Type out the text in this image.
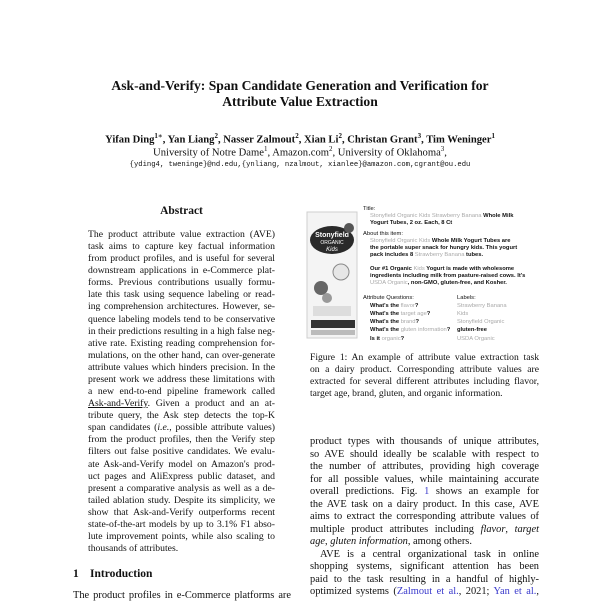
Ask-and-Verify: Span Candidate Generation and Verification for
Attribute Value Extraction
Yifan Ding$^{1∗}$, Yan Liang$^2$, Nasser Zalmout$^2$, Xian Li$^2$, Christan Grant$^3$, Tim Weninger$^1$
University of Notre Dame$^1$, Amazon.com$^2$, University of Oklahoma$^3$,
{yding4, tweninge}@nd.edu,{ynliang, nzalmout, xianlee}@amazon.com,cgrant@ou.edu
Abstract
The product attribute value extraction (AVE)
task aims to capture key factual information
from product profiles, and is useful for several
downstream applications in e-Commerce plat-
forms. Previous contributions usually formu-
late this task using sequence labeling or read-
ing comprehension architectures. However, se-
quence labeling models tend to be conservative
in their predictions resulting in a high false neg-
ative rate. Existing reading comprehension for-
mulations, on the other hand, can over-generate
attribute values which hinders precision. In the
present work we address these limitations with
a new end-to-end pipeline framework called
Ask-and-Verify. Given a product and an at-
tribute query, the Ask step detects the top-K
span candidates (i.e., possible attribute values)
from the product profiles, then the Verify step
filters out false positive candidates. We evalu-
ate Ask-and-Verify model on Amazon's prod-
uct pages and AliExpress public dataset, and
present a comparative analysis as well as a de-
tailed ablation study. Despite its simplicity, we
show that Ask-and-Verify outperforms recent
state-of-the-art models by up to 3.1% F1 abso-
lute improvement points, while also scaling to
thousands of attributes.
1 Introduction
The product profiles in e-Commerce platforms are
Stonyfield
ORGANIC
Kids
Title:
About this item:
Attribute Questions:	Labels:
Stonyfield Organic Kids Strawberry Banana Whole Milk
Yogurt Tubes, 2 oz. Each, 8 Ct
Stonyfield Organic Kids Whole Milk Yogurt Tubes are
the portable super snack for hungry kids. This yogurt
pack includes 8 Strawberry Banana tubes.
Our #1 Organic Kids Yogurt is made with wholesome
ingredients including milk from pasture-raised cows. It's
USDA Organic, non-GMO, gluten-free, and Kosher.
What's the flavor?
What's the target age?
What's the brand?
What's the gluten information?
Is it organic?
Strawberry Banana
Kids
Stonyfield Organic
gluten-free
USDA Organic
Figure 1: An example of attribute value extraction task
on a dairy product. Corresponding attribute values are
extracted for several different attributes including flavor,
target age, brand, gluten, and organic information.
product types with thousands of unique attributes,
so AVE should ideally be scalable with respect to
the number of attributes, providing high coverage
for all possible values, while maintaining accurate
overall predictions. Fig. 1 shows an example for
the AVE task on a dairy product. In this case, AVE
aims to extract the corresponding attribute values of
multiple product attributes including flavor, target
age, gluten information, among others.
AVE is a central organizational task in online
shopping systems, significant attention has been
paid to the task resulting in a handful of highly-
optimized systems (Zalmout et al., 2021; Yan et al.,
